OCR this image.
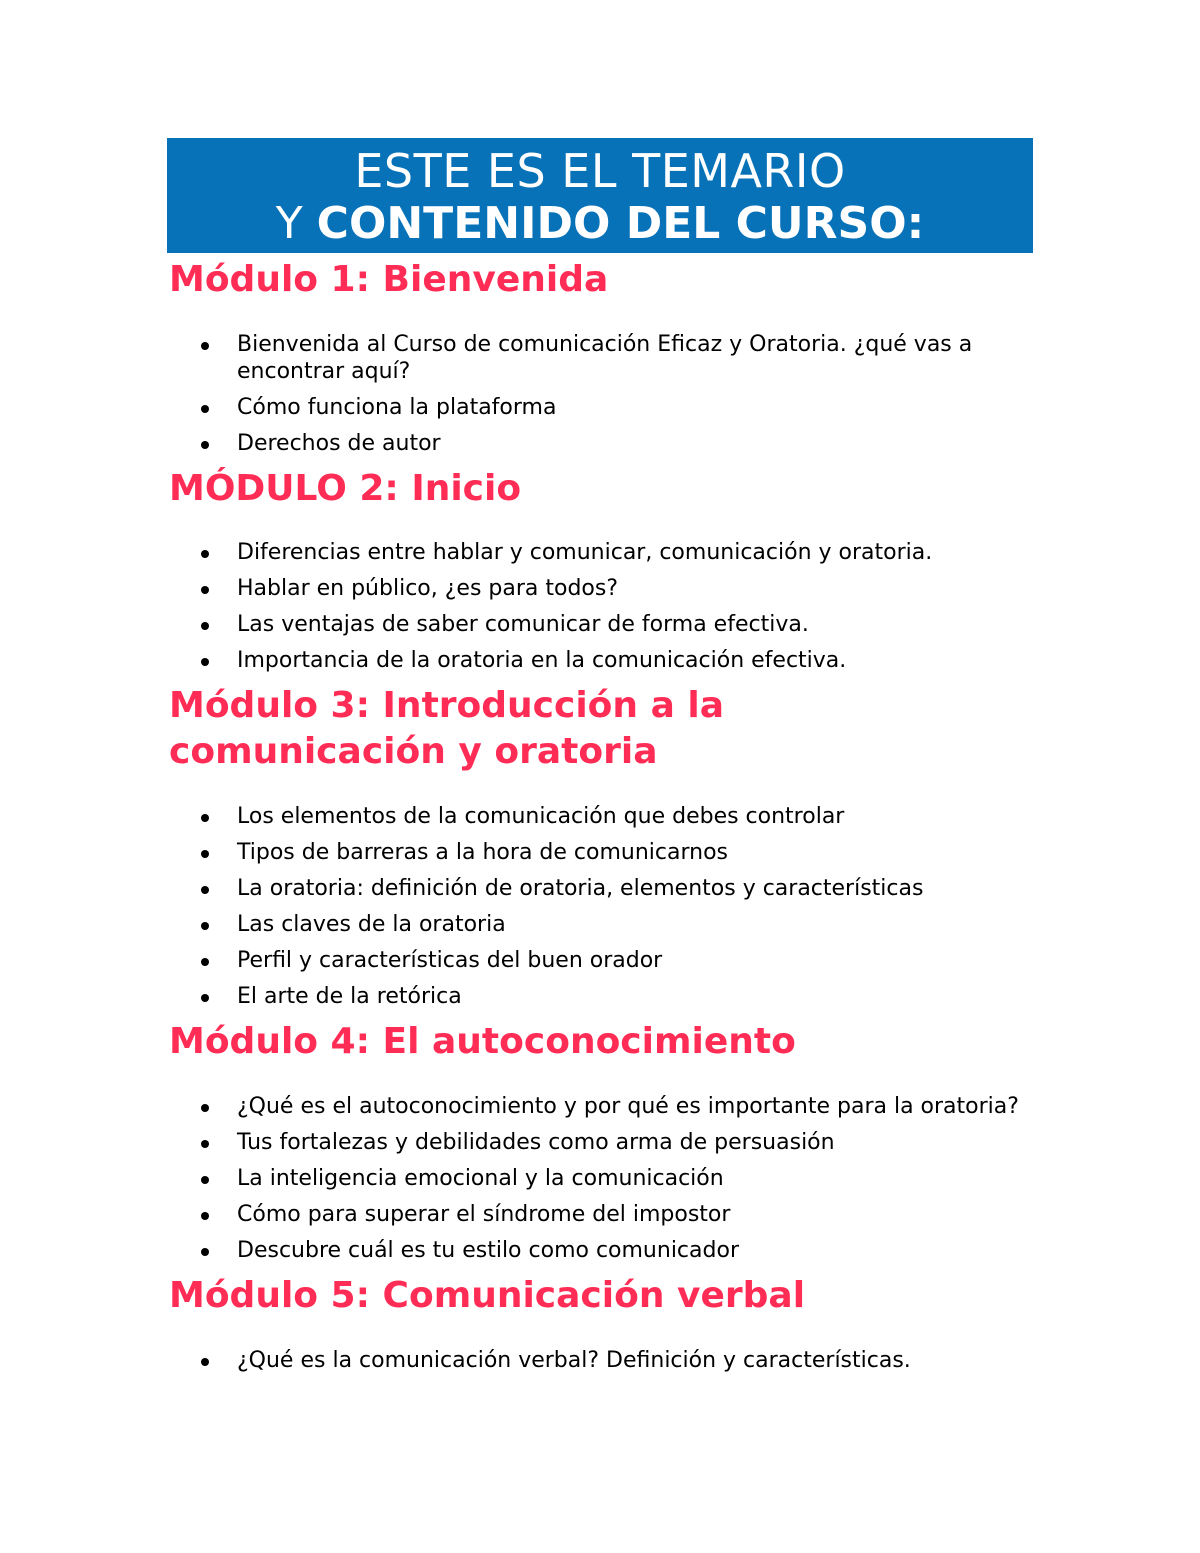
ESTE ES EL TEMARIO
Y CONTENIDO DEL CURSO:
Módulo 1: Bienvenida
Bienvenida al Curso de comunicación Eficaz y Oratoria. ¿qué vas a encontrar aquí?
Cómo funciona la plataforma
Derechos de autor
MÓDULO 2: Inicio
Diferencias entre hablar y comunicar, comunicación y oratoria.
Hablar en público, ¿es para todos?
Las ventajas de saber comunicar de forma efectiva.
Importancia de la oratoria en la comunicación efectiva.
Módulo 3: Introducción a la comunicación y oratoria
Los elementos de la comunicación que debes controlar
Tipos de barreras a la hora de comunicarnos
La oratoria: definición de oratoria, elementos y características
Las claves de la oratoria
Perfil y características del buen orador
El arte de la retórica
Módulo 4: El autoconocimiento
¿Qué es el autoconocimiento y por qué es importante para la oratoria?
Tus fortalezas y debilidades como arma de persuasión
La inteligencia emocional y la comunicación
Cómo para superar el síndrome del impostor
Descubre cuál es tu estilo como comunicador
Módulo 5: Comunicación verbal
¿Qué es la comunicación verbal? Definición y características.
